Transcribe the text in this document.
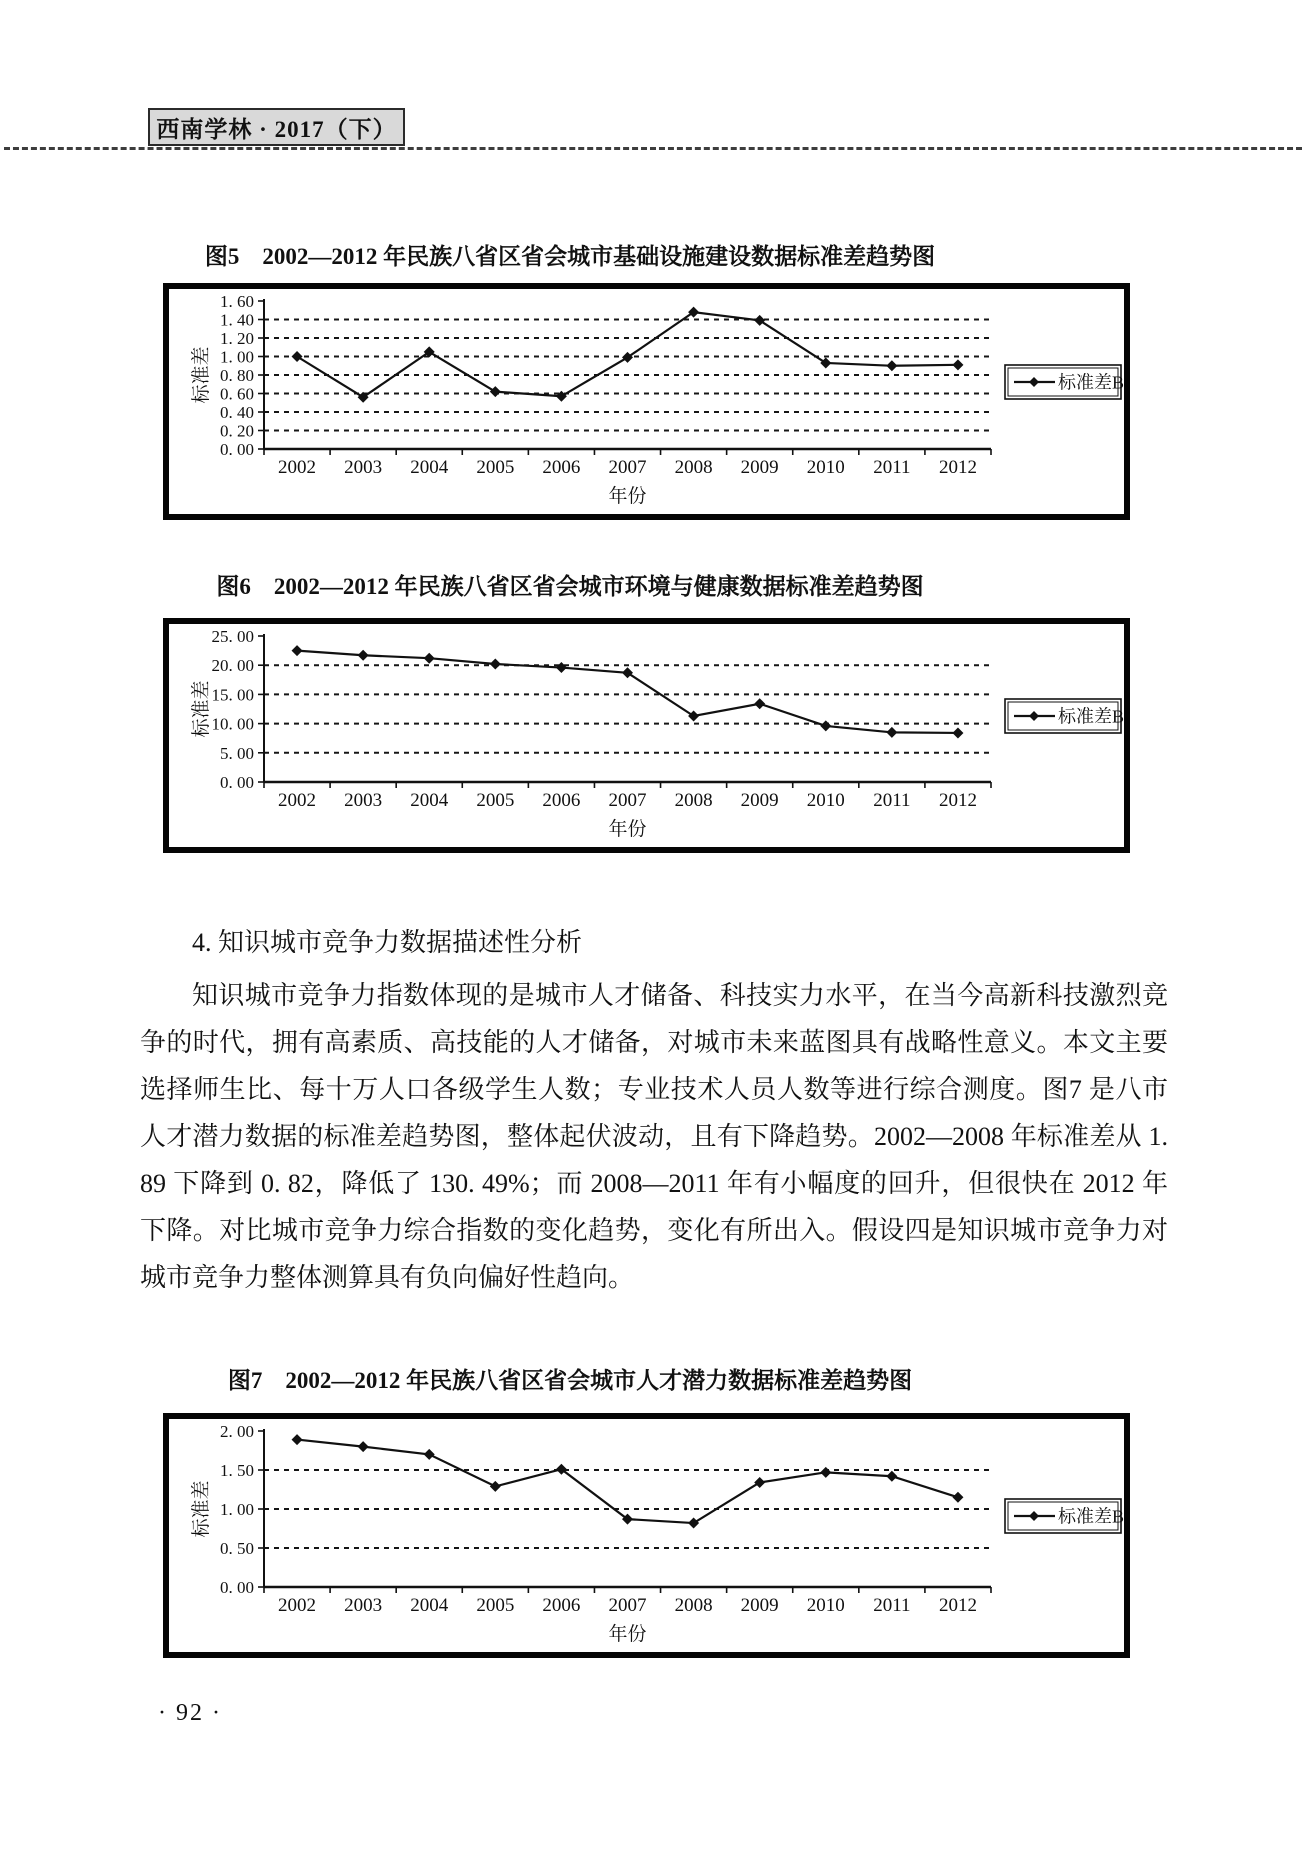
西南学林 · 2017（下）
图5　2002—2012 年民族八省区省会城市基础设施建设数据标准差趋势图
0. 00
0. 20
0. 40
0. 60
0. 80
1. 00
1. 20
1. 40
1. 60
2002 2003 2004 2005 2006 2007 2008 2009 2010 2011 2012
年份
标准差	标准差B
图6　2002—2012 年民族八省区省会城市环境与健康数据标准差趋势图
0. 00
5. 00
10. 00
15. 00
20. 00
25. 00
2002 2003 2004 2005 2006 2007 2008 2009 2010 2011 2012
年份
标准差	标准差B
4. 知识城市竞争力数据描述性分析
知识城市竞争力指数体现的是城市人才储备、科技实力水平，在当今高新科技激烈竞争的时代，拥有高素质、高技能的人才储备，对城市未来蓝图具有战略性意义。本文主要选择师生比、每十万人口各级学生人数；专业技术人员人数等进行综合测度。图7 是八市人才潜力数据的标准差趋势图，整体起伏波动，且有下降趋势。2002—2008 年标准差从 1. 89 下降到 0. 82，降低了 130. 49%；而 2008—2011 年有小幅度的回升，但很快在 2012 年下降。对比城市竞争力综合指数的变化趋势，变化有所出入。假设四是知识城市竞争力对城市竞争力整体测算具有负向偏好性趋向。
图7　2002—2012 年民族八省区省会城市人才潜力数据标准差趋势图
0. 00
0. 50
1. 00
1. 50
2. 00
2002 2003 2004 2005 2006 2007 2008 2009 2010 2011 2012
年份
标准差	标准差B
· 92 ·
